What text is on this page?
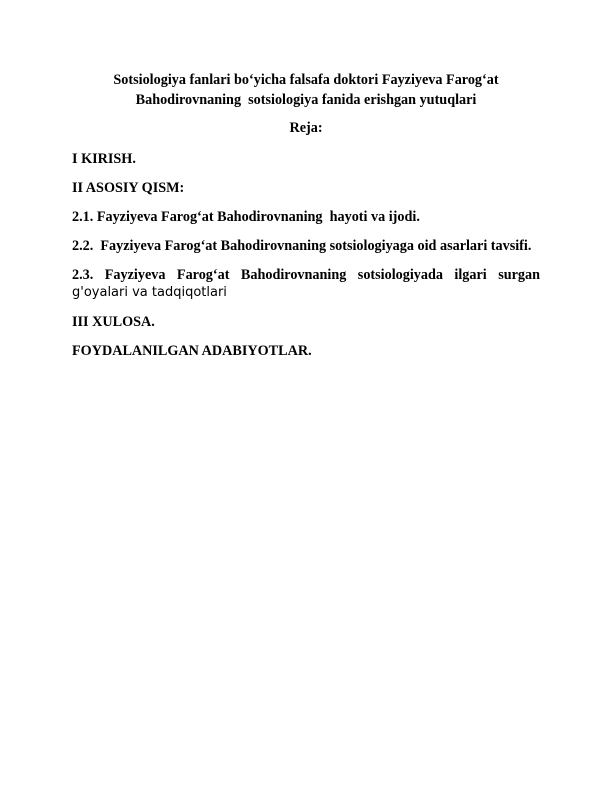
Sotsiologiya fanlari bo‘yicha falsafa doktori Fayziyeva Farog‘at
Bahodirovnaning  sotsiologiya fanida erishgan yutuqlari

Reja:

I KIRISH.
II ASOSIY QISM:
2.1. Fayziyeva Farog‘at Bahodirovnaning  hayoti va ijodi.
2.2.  Fayziyeva Farog‘at Bahodirovnaning sotsiologiyaga oid asarlari tavsifi.
2.3. Fayziyeva Farog‘at Bahodirovnaning sotsiologiyada ilgari surgan
g'oyalari va tadqiqotlari
III XULOSA.
FOYDALANILGAN ADABIYOTLAR.
